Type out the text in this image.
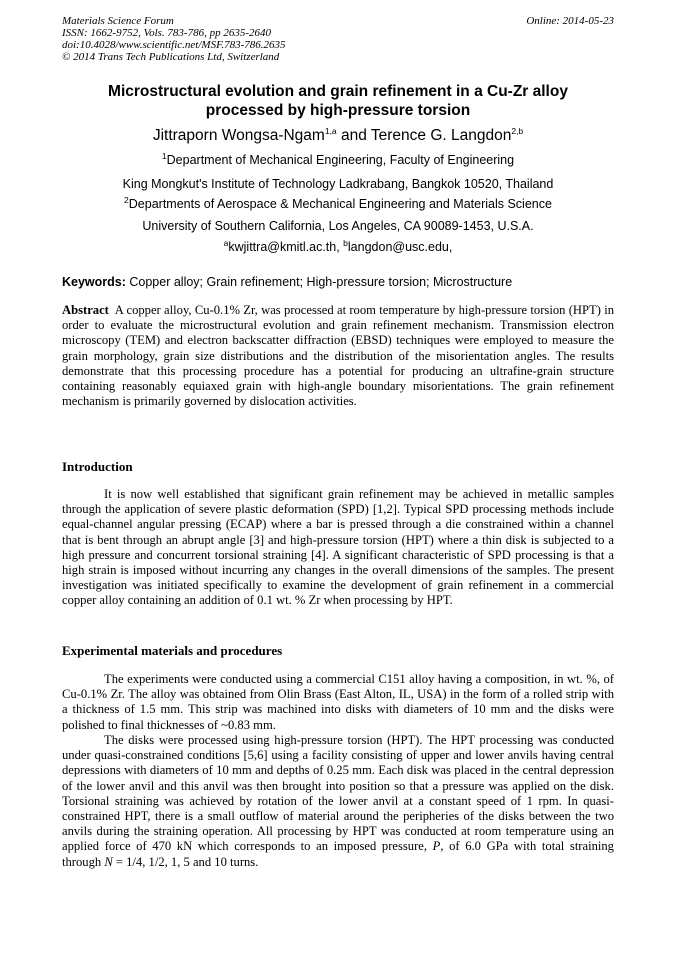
Materials Science Forum
ISSN: 1662-9752, Vols. 783-786, pp 2635-2640
doi:10.4028/www.scientific.net/MSF.783-786.2635
© 2014 Trans Tech Publications Ltd, Switzerland
Online: 2014-05-23
Microstructural evolution and grain refinement in a Cu-Zr alloy
processed by high-pressure torsion
Jittraporn Wongsa-Ngam$^{1,a}$ and Terence G. Langdon$^{2,b}$
$^1$Department of Mechanical Engineering, Faculty of Engineering
King Mongkut's Institute of Technology Ladkrabang, Bangkok 10520, Thailand
$^2$Departments of Aerospace & Mechanical Engineering and Materials Science
University of Southern California, Los Angeles, CA 90089-1453, U.S.A.
$^a$kwjittra@kmitl.ac.th, $^b$langdon@usc.edu,
Keywords: Copper alloy; Grain refinement; High-pressure torsion; Microstructure
Abstract  A copper alloy, Cu-0.1% Zr, was processed at room temperature by high-pressure torsion (HPT) in order to evaluate the microstructural evolution and grain refinement mechanism. Transmission electron microscopy (TEM) and electron backscatter diffraction (EBSD) techniques were employed to measure the grain morphology, grain size distributions and the distribution of the misorientation angles. The results demonstrate that this processing procedure has a potential for producing an ultrafine-grain structure containing reasonably equiaxed grain with high-angle boundary misorientations. The grain refinement mechanism is primarily governed by dislocation activities.
Introduction
It is now well established that significant grain refinement may be achieved in metallic samples through the application of severe plastic deformation (SPD) [1,2]. Typical SPD processing methods include equal-channel angular pressing (ECAP) where a bar is pressed through a die constrained within a channel that is bent through an abrupt angle [3] and high-pressure torsion (HPT) where a thin disk is subjected to a high pressure and concurrent torsional straining [4]. A significant characteristic of SPD processing is that a high strain is imposed without incurring any changes in the overall dimensions of the samples. The present investigation was initiated specifically to examine the development of grain refinement in a commercial copper alloy containing an addition of 0.1 wt. % Zr when processing by HPT.
Experimental materials and procedures
The experiments were conducted using a commercial C151 alloy having a composition, in wt. %, of Cu-0.1% Zr. The alloy was obtained from Olin Brass (East Alton, IL, USA) in the form of a rolled strip with a thickness of 1.5 mm. This strip was machined into disks with diameters of 10 mm and the disks were polished to final thicknesses of ~0.83 mm.
The disks were processed using high-pressure torsion (HPT). The HPT processing was conducted under quasi-constrained conditions [5,6] using a facility consisting of upper and lower anvils having central depressions with diameters of 10 mm and depths of 0.25 mm. Each disk was placed in the central depression of the lower anvil and this anvil was then brought into position so that a pressure was applied on the disk. Torsional straining was achieved by rotation of the lower anvil at a constant speed of 1 rpm. In quasi-constrained HPT, there is a small outflow of material around the peripheries of the disks between the two anvils during the straining operation. All processing by HPT was conducted at room temperature using an applied force of 470 kN which corresponds to an imposed pressure, P, of 6.0 GPa with total straining through N = 1/4, 1/2, 1, 5 and 10 turns.
